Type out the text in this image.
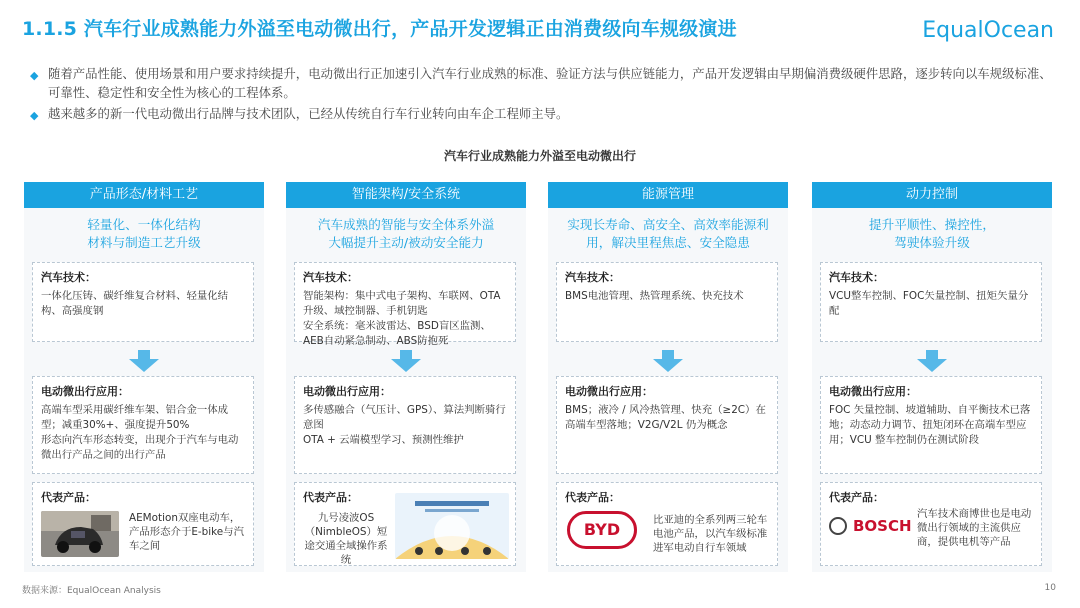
1.1.5 汽车行业成熟能力外溢至电动微出行，产品开发逻辑正由消费级向车规级演进	EqualOcean
◆ 随着产品性能、使用场景和用户要求持续提升，电动微出行正加速引入汽车行业成熟的标准、验证方法与供应链能力，产品开发逻辑由早期偏消费级硬件思路，逐步转向以车规级标准、可靠性、稳定性和安全性为核心的工程体系。
◆ 越来越多的新一代电动微出行品牌与技术团队，已经从传统自行车行业转向由车企工程师主导。
汽车行业成熟能力外溢至电动微出行
产品形态/材料工艺
轻量化、一体化结构
材料与制造工艺升级
汽车技术：
一体化压铸、碳纤维复合材料、轻量化结构、高强度钢
电动微出行应用：
高端车型采用碳纤维车架、铝合金一体成型；减重30%+、强度提升50%
形态向汽车形态转变，出现介于汽车与电动微出行产品之间的出行产品
代表产品：
AEMotion双座电动车，产品形态介于E-bike与汽车之间
智能架构/安全系统
汽车成熟的智能与安全体系外溢
大幅提升主动/被动安全能力
汽车技术：
智能架构：集中式电子架构、车联网、OTA升级、域控制器、手机钥匙
安全系统：毫米波雷达、BSD盲区监测、AEB自动紧急制动、ABS防抱死
电动微出行应用：
多传感融合（气压计、GPS）、算法判断骑行意图
OTA + 云端模型学习、预测性维护
代表产品：
九号凌波OS（NimbleOS）短途交通全域操作系统
能源管理
实现长寿命、高安全、高效率能源利用，解决里程焦虑、安全隐患
汽车技术：
BMS电池管理、热管理系统、快充技术
电动微出行应用：
BMS；液冷 / 风冷热管理、快充（≥2C）在高端车型落地；V2G/V2L 仍为概念
代表产品：
BYD	比亚迪的全系列两三轮车电池产品，以汽车级标准进军电动自行车领域
动力控制
提升平顺性、操控性，
驾驶体验升级
汽车技术：
VCU整车控制、FOC矢量控制、扭矩矢量分配
电动微出行应用：
FOC 矢量控制、坡道辅助、自平衡技术已落地；动态动力调节、扭矩闭环在高端车型应用；VCU 整车控制仍在测试阶段
代表产品：
BOSCH
汽车技术商博世也是电动微出行领域的主流供应商，提供电机等产品
数据来源：EqualOcean Analysis	10
